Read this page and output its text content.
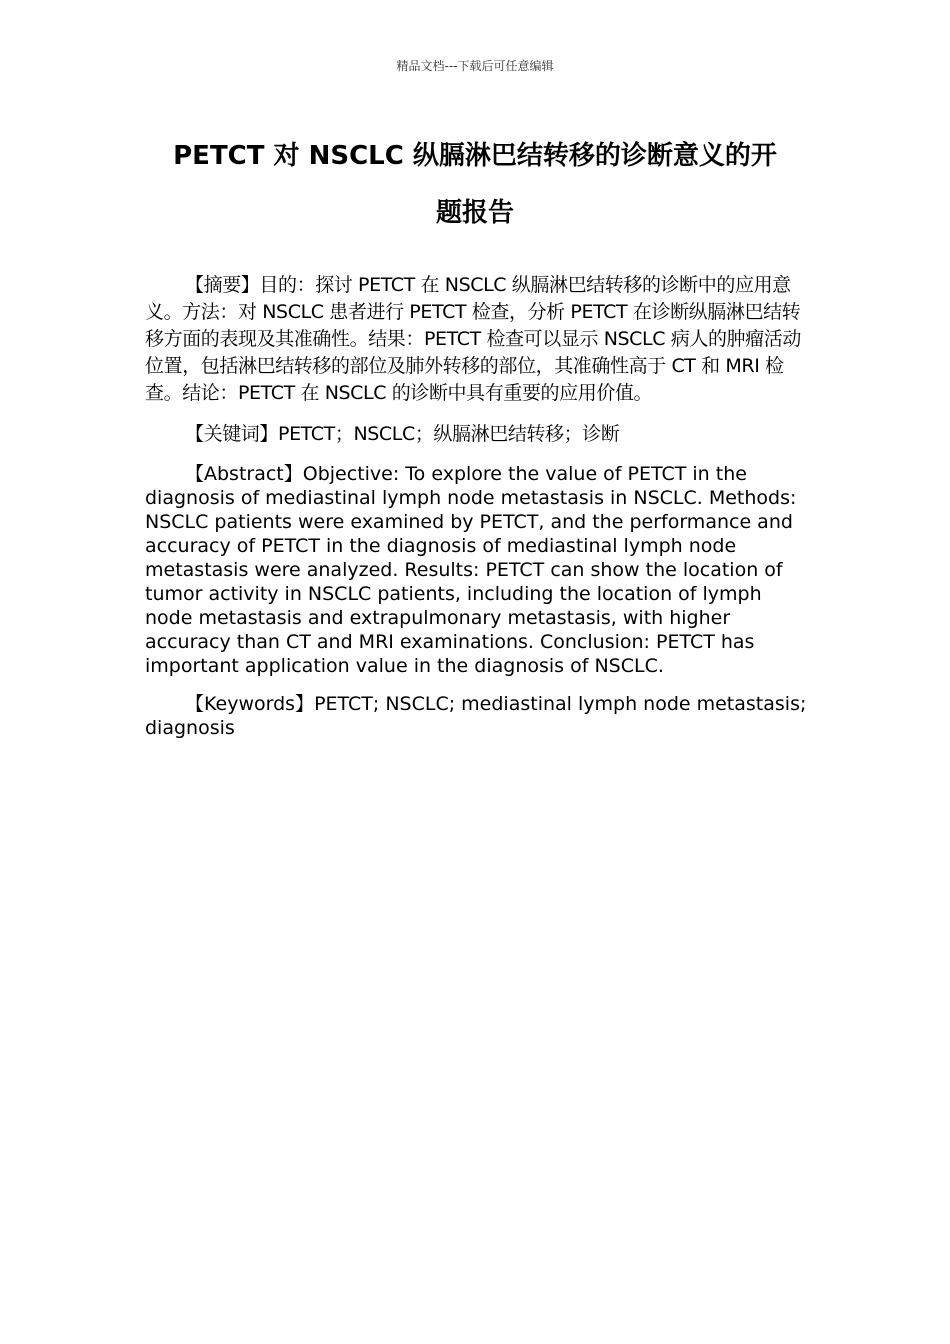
精品文档---下载后可任意编辑
PETCT 对 NSCLC 纵膈淋巴结转移的诊断意义的开
题报告

【摘要】目的：探讨 PETCT 在 NSCLC 纵膈淋巴结转移的诊断中的应用意义。方法：对 NSCLC 患者进行 PETCT 检查，分析 PETCT 在诊断纵膈淋巴结转移方面的表现及其准确性。结果：PETCT 检查可以显示 NSCLC 病人的肿瘤活动位置，包括淋巴结转移的部位及肺外转移的部位，其准确性高于 CT 和 MRI 检查。结论：PETCT 在 NSCLC 的诊断中具有重要的应用价值。

【关键词】PETCT；NSCLC；纵膈淋巴结转移；诊断

【Abstract】Objective: To explore the value of PETCT in the diagnosis of mediastinal lymph node metastasis in NSCLC. Methods: NSCLC patients were examined by PETCT, and the performance and accuracy of PETCT in the diagnosis of mediastinal lymph node metastasis were analyzed. Results: PETCT can show the location of tumor activity in NSCLC patients, including the location of lymph node metastasis and extrapulmonary metastasis, with higher accuracy than CT and MRI examinations. Conclusion: PETCT has important application value in the diagnosis of NSCLC.

【Keywords】PETCT; NSCLC; mediastinal lymph node metastasis; diagnosis
